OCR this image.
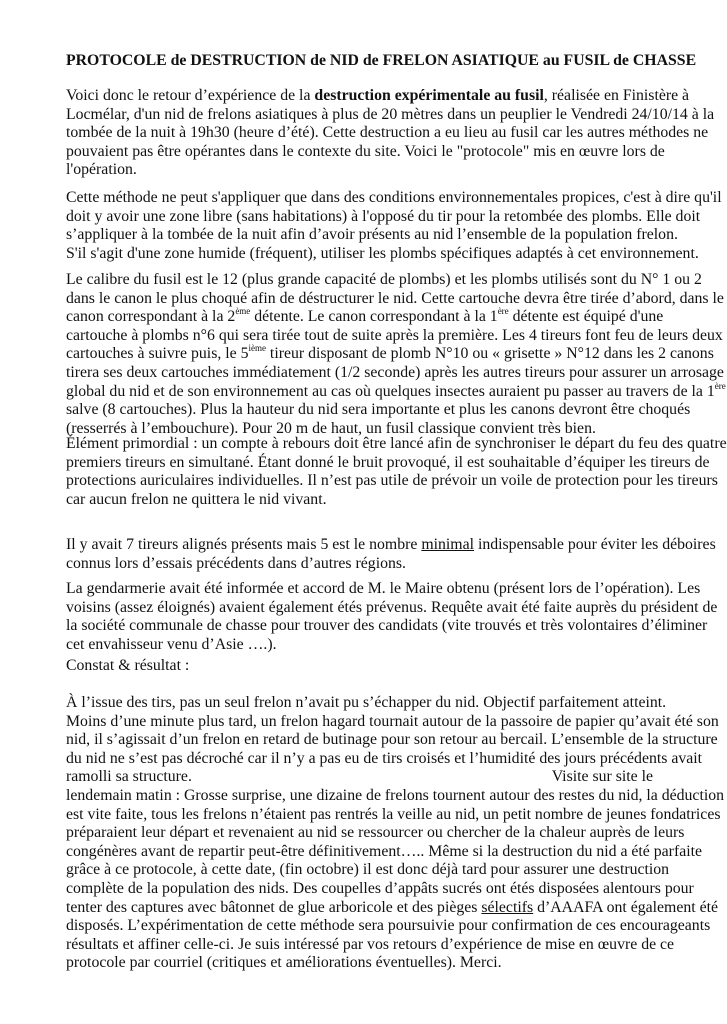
PROTOCOLE de DESTRUCTION de NID de FRELON ASIATIQUE au FUSIL de CHASSE
Voici donc le retour d’expérience de la destruction expérimentale au fusil, réalisée en Finistère à
Locmélar, d'un nid de frelons asiatiques à plus de 20 mètres dans un peuplier le Vendredi 24/10/14 à la
tombée de la nuit à 19h30 (heure d’été). Cette destruction a eu lieu au fusil car les autres méthodes ne
pouvaient pas être opérantes dans le contexte du site. Voici le "protocole" mis en œuvre lors de
l'opération.
Cette méthode ne peut s'appliquer que dans des conditions environnementales propices, c'est à dire qu'il
doit y avoir une zone libre (sans habitations) à l'opposé du tir pour la retombée des plombs. Elle doit
s’appliquer à la tombée de la nuit afin d’avoir présents au nid l’ensemble de la population frelon.
S'il s'agit d'une zone humide (fréquent), utiliser les plombs spécifiques adaptés à cet environnement.
Le calibre du fusil est le 12 (plus grande capacité de plombs) et les plombs utilisés sont du N° 1 ou 2
dans le canon le plus choqué afin de déstructurer le nid. Cette cartouche devra être tirée d’abord, dans le
canon correspondant à la 2ème détente. Le canon correspondant à la 1ère détente est équipé d'une
cartouche à plombs n°6 qui sera tirée tout de suite après la première. Les 4 tireurs font feu de leurs deux
cartouches à suivre puis, le 5ième tireur disposant de plomb N°10 ou « grisette » N°12 dans les 2 canons
tirera ses deux cartouches immédiatement (1/2 seconde) après les autres tireurs pour assurer un arrosage
global du nid et de son environnement au cas où quelques insectes auraient pu passer au travers de la 1ère
salve (8 cartouches). Plus la hauteur du nid sera importante et plus les canons devront être choqués
(resserrés à l’embouchure). Pour 20 m de haut, un fusil classique convient très bien.
Élément primordial : un compte à rebours doit être lancé afin de synchroniser le départ du feu des quatre
premiers tireurs en simultané. Étant donné le bruit provoqué, il est souhaitable d’équiper les tireurs de
protections auriculaires individuelles. Il n’est pas utile de prévoir un voile de protection pour les tireurs
car aucun frelon ne quittera le nid vivant.
Il y avait 7 tireurs alignés présents mais 5 est le nombre minimal indispensable pour éviter les déboires
connus lors d’essais précédents dans d’autres régions.
La gendarmerie avait été informée et accord de M. le Maire obtenu (présent lors de l’opération). Les
voisins (assez éloignés) avaient également étés prévenus. Requête avait été faite auprès du président de
la société communale de chasse pour trouver des candidats (vite trouvés et très volontaires d’éliminer
cet envahisseur venu d’Asie ….).
Constat & résultat :
À l’issue des tirs, pas un seul frelon n’avait pu s’échapper du nid. Objectif parfaitement atteint.
Moins d’une minute plus tard, un frelon hagard tournait autour de la passoire de papier qu’avait été son
nid, il s’agissait d’un frelon en retard de butinage pour son retour au bercail. L’ensemble de la structure
du nid ne s’est pas décroché car il n’y a pas eu de tirs croisés et l’humidité des jours précédents avait
ramolli sa structure.	Visite sur site le
lendemain matin : Grosse surprise, une dizaine de frelons tournent autour des restes du nid, la déduction
est vite faite, tous les frelons n’étaient pas rentrés la veille au nid, un petit nombre de jeunes fondatrices
préparaient leur départ et revenaient au nid se ressourcer ou chercher de la chaleur auprès de leurs
congénères avant de repartir peut-être définitivement….. Même si la destruction du nid a été parfaite
grâce à ce protocole, à cette date, (fin octobre) il est donc déjà tard pour assurer une destruction
complète de la population des nids. Des coupelles d’appâts sucrés ont étés disposées alentours pour
tenter des captures avec bâtonnet de glue arboricole et des pièges sélectifs d’AAAFA ont également été
disposés. L’expérimentation de cette méthode sera poursuivie pour confirmation de ces encourageants
résultats et affiner celle-ci. Je suis intéressé par vos retours d’expérience de mise en œuvre de ce
protocole par courriel (critiques et améliorations éventuelles). Merci.
